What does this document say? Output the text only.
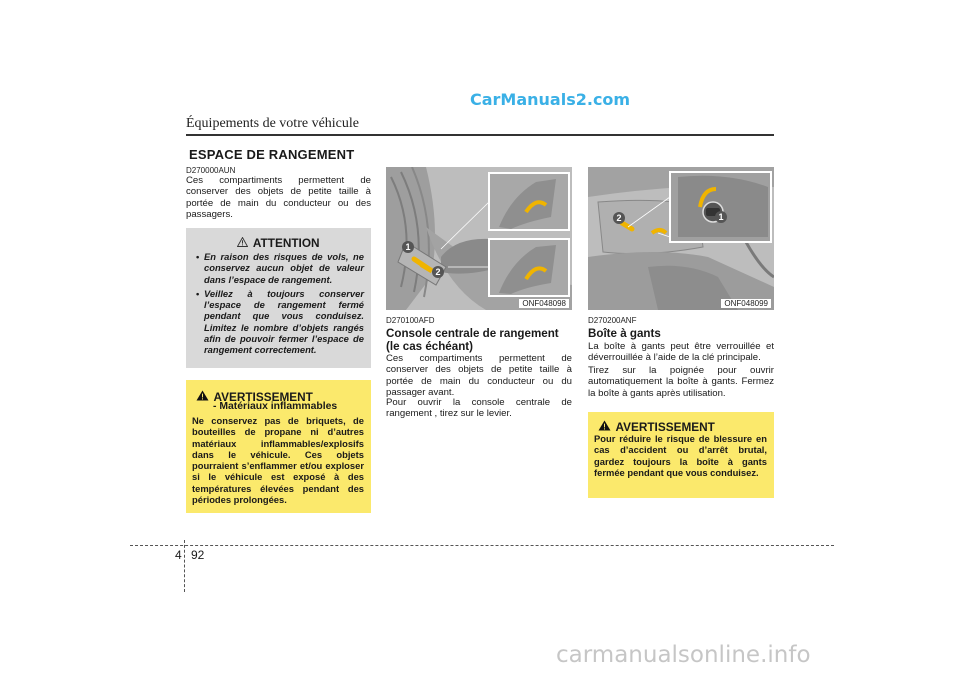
CarManuals2.com
Équipements de votre véhicule
ESPACE DE RANGEMENT
D270000AUN
Ces compartiments permettent de conserver des objets de petite taille à portée de main du conducteur ou des passagers.
ATTENTION
• En raison des risques de vols, ne conservez aucun objet de valeur dans l’espace de rangement.
• Veillez à toujours conserver l’espace de rangement fermé pendant que vous conduisez. Limitez le nombre d’objets rangés afin de pouvoir fermer l’espace de rangement correctement.
AVERTISSEMENT
- Matériaux inflammables
Ne conservez pas de briquets, de bouteilles de propane ni d’autres matériaux inflammables/explosifs dans le véhicule. Ces objets pourraient s’enflammer et/ou exploser si le véhicule est exposé à des températures élevées pendant des périodes prolongées.
1
2
ONF048098
D270100AFD
Console centrale de rangement (le cas échéant)
Ces compartiments permettent de conserver des objets de petite taille à portée de main du conducteur ou du passager avant.
Pour ouvrir la console centrale de rangement , tirez sur le levier.
2	1
ONF048099
D270200ANF
Boîte à gants
La boîte à gants peut être verrouillée et déverrouillée à l’aide de la clé principale.
Tirez sur la poignée pour ouvrir automatiquement la boîte à gants. Fermez la boîte à gants après utilisation.
AVERTISSEMENT
Pour réduire le risque de blessure en cas d’accident ou d’arrêt brutal, gardez toujours la boîte à gants fermée pendant que vous conduisez.
4 92
carmanualsonline.info
